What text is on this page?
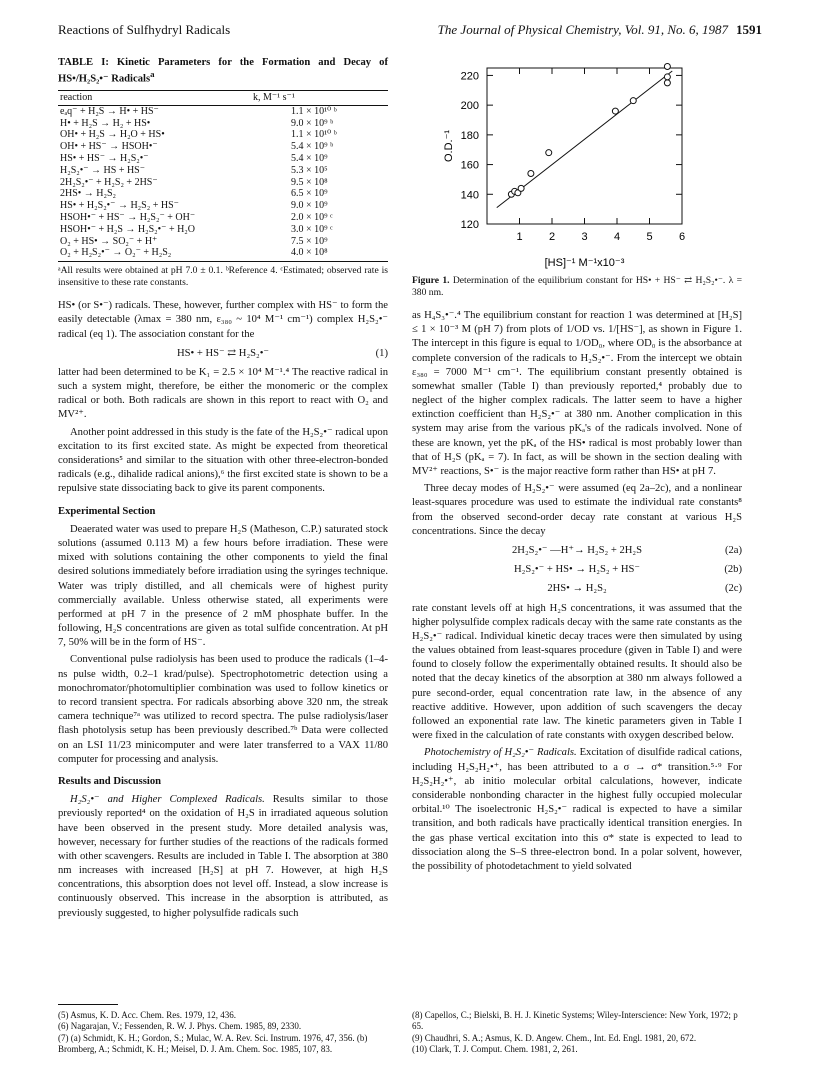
Reactions of Sulfhydryl Radicals	The Journal of Physical Chemistry, Vol. 91, No. 6, 1987 1591
TABLE I: Kinetic Parameters for the Formation and Decay of HS•/H₂S₂•⁻ Radicals$^a$
reaction	k, M⁻¹ s⁻¹
eₐq⁻ + H₂S → H• + HS⁻	1.1 × 10¹⁰ ᵇ
H• + H₂S → H₂ + HS•	9.0 × 10⁹ ᵇ
OH• + H₂S → H₂O + HS•	1.1 × 10¹⁰ ᵇ
OH• + HS⁻ → HSOH•⁻	5.4 × 10⁹ ᵇ
HS• + HS⁻ → H₂S₂•⁻	5.4 × 10⁹
H₂S₂•⁻ → HS + HS⁻	5.3 × 10⁵
2H₂S₂•⁻ + H₂S₂ + 2HS⁻	9.5 × 10⁸
2HS• → H₂S₂	6.5 × 10⁹
HS• + H₂S₂•⁻ → H₂S₂ + HS⁻	9.0 × 10⁹
HSOH•⁻ + HS⁻ → H₂S₂⁻ + OH⁻	2.0 × 10⁹ ᶜ
HSOH•⁻ + H₂S → H₂S₂•⁻ + H₂O	3.0 × 10⁹ ᶜ
O₂ + HS• → SO₂⁻ + H⁺	7.5 × 10⁹
O₂ + H₂S₂•⁻ → O₂⁻ + H₂S₂	4.0 × 10⁸
ᵃAll results were obtained at pH 7.0 ± 0.1. ᵇReference 4. ᶜEstimated; observed rate is insensitive to these rate constants.

HS• (or S•⁻) radicals. These, however, further complex with HS⁻ to form the easily detectable (λmax = 380 nm, ε₃₈₀ ~ 10⁴ M⁻¹ cm⁻¹) complex H₂S₂•⁻ radical (eq 1). The association constant for the

HS• + HS⁻ ⇄ H₂S₂•⁻	(1)

latter had been determined to be K₁ = 2.5 × 10⁴ M⁻¹.⁴ The reactive radical in such a system might, therefore, be either the monomeric or the complex radical or both. Both radicals are shown in this report to react with O₂ and MV²⁺.

Another point addressed in this study is the fate of the H₂S₂•⁻ radical upon excitation to its first excited state. As might be expected from theoretical considerations⁵ and similar to the situation with other three-electron-bonded radicals (e.g., dihalide radical anions),⁶ the first excited state is shown to be a repulsive state dissociating back to give its parent components.

Experimental Section

Deaerated water was used to prepare H₂S (Matheson, C.P.) saturated stock solutions (assumed 0.113 M) a few hours before irradiation. These were mixed with solutions containing the other components to yield the final desired solutions immediately before irradiation using the syringes technique. Water was triply distilled, and all chemicals were of highest purity commercially available. Unless otherwise stated, all experiments were performed at pH 7 in the presence of 2 mM phosphate buffer. In the following, H₂S concentrations are given as total sulfide concentration. At pH 7, 50% will be in the form of HS⁻.

Conventional pulse radiolysis has been used to produce the radicals (1–4-ns pulse width, 0.2–1 krad/pulse). Spectrophotometric detection using a monochromator/photomultiplier combination was used to follow kinetics or to record transient spectra. For radicals absorbing above 320 nm, the streak camera technique⁷ᵃ was utilized to record spectra. The pulse radiolysis/laser flash photolysis setup has been previously described.⁷ᵇ Data were collected on an LSI 11/23 minicomputer and were later transferred to a VAX 11/80 computer for processing and analysis.

Results and Discussion

H₂S₂•⁻ and Higher Complexed Radicals. Results similar to those previously reported⁴ on the oxidation of H₂S in irradiated aqueous solution have been observed in the present study. More detailed analysis was, however, necessary for further studies of the reactions of the radicals formed with other scavengers. Results are included in Table I. The absorption at 380 nm increases with increased [H₂S] at pH 7. However, at high H₂S concentrations, this absorption does not level off. Instead, a slow increase is continuously observed. This increase in the absorption is attributed, as previously suggested, to higher polysulfide radicals such

120
140
160
180
200
220
1 2 3 4 5 6
O.D.⁻¹
[HS]⁻¹ M⁻¹x10⁻³
Figure 1. Determination of the equilibrium constant for HS• + HS⁻ ⇄ H₂S₂•⁻. λ = 380 nm.

as H₄S₃•⁻.⁴ The equilibrium constant for reaction 1 was determined at [H₂S] ≤ 1 × 10⁻³ M (pH 7) from plots of 1/OD vs. 1/[HS⁻], as shown in Figure 1. The intercept in this figure is equal to 1/OD₀, where OD₀ is the absorbance at complete conversion of the radicals to H₂S₂•⁻. From the intercept we obtain ε₃₈₀ = 7000 M⁻¹ cm⁻¹. The equilibrium constant presently obtained is somewhat smaller (Table I) than previously reported,⁴ probably due to neglect of the higher complex radicals. The latter seem to have a higher extinction coefficient than H₂S₂•⁻ at 380 nm. Another complication in this system may arise from the various pKₐ's of the radicals involved. None of these are known, yet the pKₐ of the HS• radical is most probably lower than that of H₂S (pKₐ = 7). In fact, as will be shown in the section dealing with MV²⁺ reactions, S•⁻ is the major reactive form rather than HS• at pH 7.

Three decay modes of H₂S₂•⁻ were assumed (eq 2a–2c), and a nonlinear least-squares procedure was used to estimate the individual rate constants⁸ from the observed second-order decay rate constant at various H₂S concentrations. Since the decay

2H₂S₂•⁻ —H⁺→ H₂S₂ + 2H₂S	(2a)
H₂S₂•⁻ + HS• → H₂S₂ + HS⁻	(2b)
2HS• → H₂S₂	(2c)

rate constant levels off at high H₂S concentrations, it was assumed that the higher polysulfide complex radicals decay with the same rate constants as the H₂S₂•⁻ radical. Individual kinetic decay traces were then simulated by using the values obtained from least-squares procedure (given in Table I) and were found to closely follow the experimentally obtained results. It should also be noted that the decay kinetics of the absorption at 380 nm always followed a pure second-order, equal concentration rate law, in the absence of any reactive additive. However, upon addition of such scavengers the decay followed an exponential rate law. The kinetic parameters given in Table I were fixed in the calculation of rate constants with oxygen described below.

Photochemistry of H₂S₂•⁻ Radicals. Excitation of disulfide radical cations, including H₂S₂H₂•⁺, has been attributed to a σ → σ* transition.⁵·⁹ For H₂S₂H₂•⁺, ab initio molecular orbital calculations, however, indicate considerable nonbonding character in the highest fully occupied molecular orbital.¹⁰ The isoelectronic H₂S₂•⁻ radical is expected to have a similar transition, and both radicals have practically identical transition energies. In the gas phase vertical excitation into this σ* state is expected to lead to dissociation along the S–S three-electron bond. In a polar solvent, however, the possibility of photodetachment to yield solvated

(5) Asmus, K. D. Acc. Chem. Res. 1979, 12, 436.
(6) Nagarajan, V.; Fessenden, R. W. J. Phys. Chem. 1985, 89, 2330.
(7) (a) Schmidt, K. H.; Gordon, S.; Mulac, W. A. Rev. Sci. Instrum. 1976, 47, 356. (b) Bromberg, A.; Schmidt, K. H.; Meisel, D. J. Am. Chem. Soc. 1985, 107, 83.
(8) Capellos, C.; Bielski, B. H. J. Kinetic Systems; Wiley-Interscience: New York, 1972; p 65.
(9) Chaudhri, S. A.; Asmus, K. D. Angew. Chem., Int. Ed. Engl. 1981, 20, 672.
(10) Clark, T. J. Comput. Chem. 1981, 2, 261.
